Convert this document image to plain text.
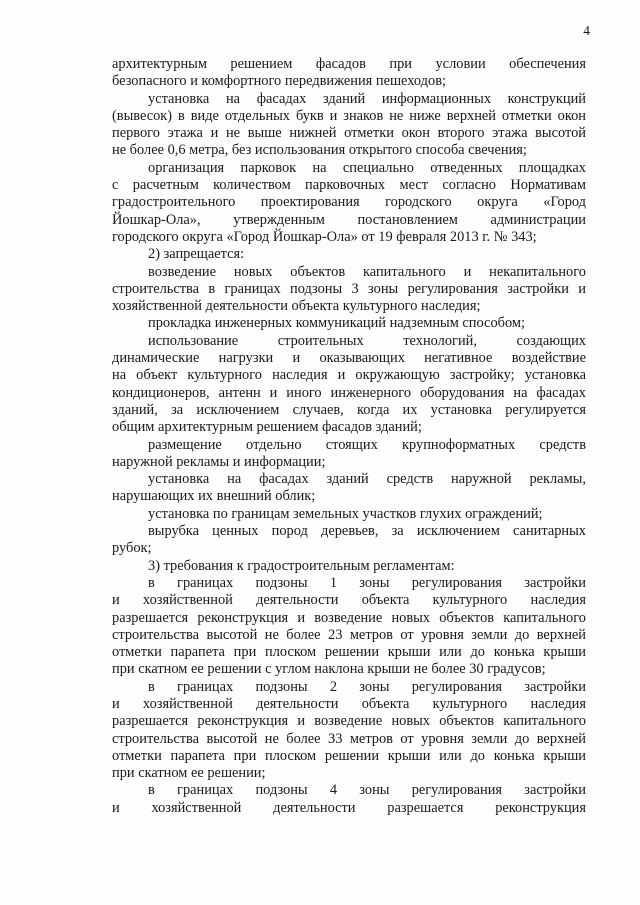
4
архитектурным решением фасадов при условии обеспечения
безопасного и комфортного передвижения пешеходов;
установка на фасадах зданий информационных конструкций
(вывесок) в виде отдельных букв и знаков не ниже верхней отметки окон
первого этажа и не выше нижней отметки окон второго этажа высотой
не более 0,6 метра, без использования открытого способа свечения;
организация парковок на специально отведенных площадках
с расчетным количеством парковочных мест согласно Нормативам
градостроительного проектирования городского округа «Город
Йошкар-Ола», утвержденным постановлением администрации
городского округа «Город Йошкар-Ола» от 19 февраля 2013 г. № 343;
2) запрещается:
возведение новых объектов капитального и некапитального
строительства в границах подзоны 3 зоны регулирования застройки и
хозяйственной деятельности объекта культурного наследия;
прокладка инженерных коммуникаций надземным способом;
использование строительных технологий, создающих
динамические нагрузки и оказывающих негативное воздействие
на объект культурного наследия и окружающую застройку; установка
кондиционеров, антенн и иного инженерного оборудования на фасадах
зданий, за исключением случаев, когда их установка регулируется
общим архитектурным решением фасадов зданий;
размещение отдельно стоящих крупноформатных средств
наружной рекламы и информации;
установка на фасадах зданий средств наружной рекламы,
нарушающих их внешний облик;
установка по границам земельных участков глухих ограждений;
вырубка ценных пород деревьев, за исключением санитарных
рубок;
3) требования к градостроительным регламентам:
в границах подзоны 1 зоны регулирования застройки
и хозяйственной деятельности объекта культурного наследия
разрешается реконструкция и возведение новых объектов капитального
строительства высотой не более 23 метров от уровня земли до верхней
отметки парапета при плоском решении крыши или до конька крыши
при скатном ее решении с углом наклона крыши не более 30 градусов;
в границах подзоны 2 зоны регулирования застройки
и хозяйственной деятельности объекта культурного наследия
разрешается реконструкция и возведение новых объектов капитального
строительства высотой не более 33 метров от уровня земли до верхней
отметки парапета при плоском решении крыши или до конька крыши
при скатном ее решении;
в границах подзоны 4 зоны регулирования застройки
и хозяйственной деятельности разрешается реконструкция
